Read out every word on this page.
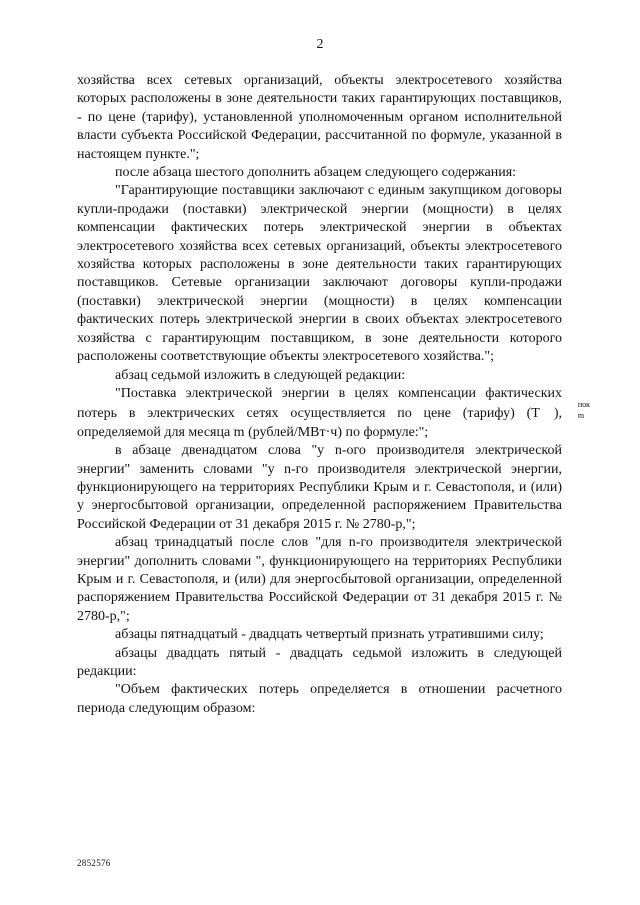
2

хозяйства всех сетевых организаций, объекты электросетевого хозяйства которых расположены в зоне деятельности таких гарантирующих поставщиков, - по цене (тарифу), установленной уполномоченным органом исполнительной власти субъекта Российской Федерации, рассчитанной по формуле, указанной в настоящем пункте.";

после абзаца шестого дополнить абзацем следующего содержания:

"Гарантирующие поставщики заключают с единым закупщиком договоры купли-продажи (поставки) электрической энергии (мощности) в целях компенсации фактических потерь электрической энергии в объектах электросетевого хозяйства всех сетевых организаций, объекты электросетевого хозяйства которых расположены в зоне деятельности таких гарантирующих поставщиков. Сетевые организации заключают договоры купли-продажи (поставки) электрической энергии (мощности) в целях компенсации фактических потерь электрической энергии в своих объектах электросетевого хозяйства с гарантирующим поставщиком, в зоне деятельности которого расположены соответствующие объекты электросетевого хозяйства.";

абзац седьмой изложить в следующей редакции:

"Поставка электрической энергии в целях компенсации фактических потерь в электрических сетях осуществляется по цене (тарифу) (T
пок
m
), определяемой для месяца m (рублей/МВт·ч) по формуле:";

в абзаце двенадцатом слова "у n-ого производителя электрической энергии" заменить словами "у n-го производителя электрической энергии, функционирующего на территориях Республики Крым и г. Севастополя, и (или) у энергосбытовой организации, определенной распоряжением Правительства Российской Федерации от 31 декабря 2015 г. № 2780-р,";

абзац тринадцатый после слов "для n-го производителя электрической энергии" дополнить словами ", функционирующего на территориях Республики Крым и г. Севастополя, и (или) для энергосбытовой организации, определенной распоряжением Правительства Российской Федерации от 31 декабря 2015 г. № 2780-р,";

абзацы пятнадцатый - двадцать четвертый признать утратившими силу;

абзацы двадцать пятый - двадцать седьмой изложить в следующей редакции:

"Объем фактических потерь определяется в отношении расчетного периода следующим образом:

2852576
